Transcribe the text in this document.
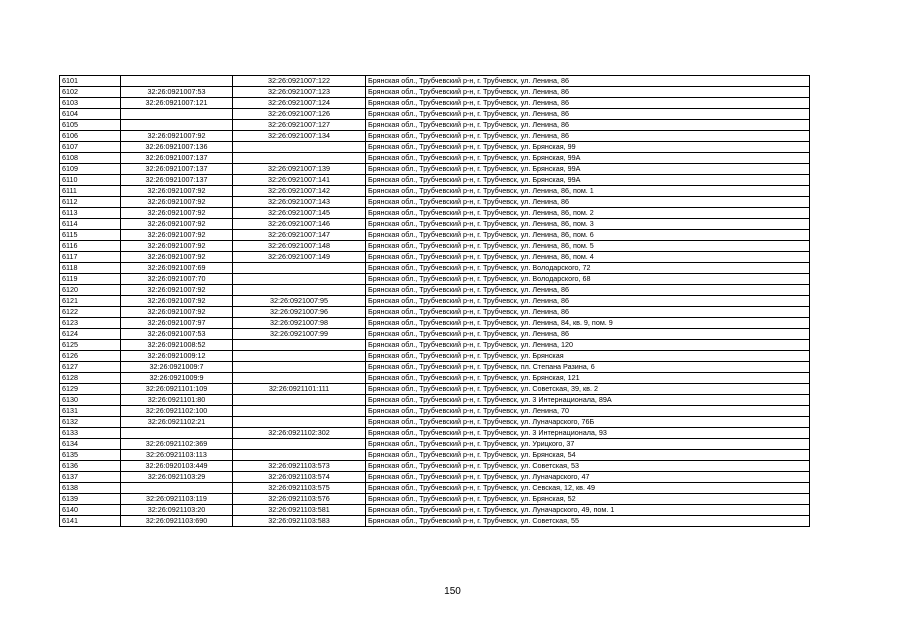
6101		32:26:0921007:122	Брянская обл., Трубчевский р-н, г. Трубчевск, ул. Ленина, 86
6102	32:26:0921007:53	32:26:0921007:123	Брянская обл., Трубчевский р-н, г. Трубчевск, ул. Ленина, 86
6103	32:26:0921007:121	32:26:0921007:124	Брянская обл., Трубчевский р-н, г. Трубчевск, ул. Ленина, 86
6104		32:26:0921007:126	Брянская обл., Трубчевский р-н, г. Трубчевск, ул. Ленина, 86
6105		32:26:0921007:127	Брянская обл., Трубчевский р-н, г. Трубчевск, ул. Ленина, 86
6106	32:26:0921007:92	32:26:0921007:134	Брянская обл., Трубчевский р-н, г. Трубчевск, ул. Ленина, 86
6107	32:26:0921007:136		Брянская обл., Трубчевский р-н, г. Трубчевск, ул. Брянская, 99
6108	32:26:0921007:137		Брянская обл., Трубчевский р-н, г. Трубчевск, ул. Брянская, 99А
6109	32:26:0921007:137	32:26:0921007:139	Брянская обл., Трубчевский р-н, г. Трубчевск, ул. Брянская, 99А
6110	32:26:0921007:137	32:26:0921007:141	Брянская обл., Трубчевский р-н, г. Трубчевск, ул. Брянская, 99А
6111	32:26:0921007:92	32:26:0921007:142	Брянская обл., Трубчевский р-н, г. Трубчевск, ул. Ленина, 86, пом. 1
6112	32:26:0921007:92	32:26:0921007:143	Брянская обл., Трубчевский р-н, г. Трубчевск, ул. Ленина, 86
6113	32:26:0921007:92	32:26:0921007:145	Брянская обл., Трубчевский р-н, г. Трубчевск, ул. Ленина, 86, пом. 2
6114	32:26:0921007:92	32:26:0921007:146	Брянская обл., Трубчевский р-н, г. Трубчевск, ул. Ленина, 86, пом. 3
6115	32:26:0921007:92	32:26:0921007:147	Брянская обл., Трубчевский р-н, г. Трубчевск, ул. Ленина, 86, пом. 6
6116	32:26:0921007:92	32:26:0921007:148	Брянская обл., Трубчевский р-н, г. Трубчевск, ул. Ленина, 86, пом. 5
6117	32:26:0921007:92	32:26:0921007:149	Брянская обл., Трубчевский р-н, г. Трубчевск, ул. Ленина, 86, пом. 4
6118	32:26:0921007:69		Брянская обл., Трубчевский р-н, г. Трубчевск, ул. Володарского, 72
6119	32:26:0921007:70		Брянская обл., Трубчевский р-н, г. Трубчевск, ул. Володарского, 68
6120	32:26:0921007:92		Брянская обл., Трубчевский р-н, г. Трубчевск, ул. Ленина, 86
6121	32:26:0921007:92	32:26:0921007:95	Брянская обл., Трубчевский р-н, г. Трубчевск, ул. Ленина, 86
6122	32:26:0921007:92	32:26:0921007:96	Брянская обл., Трубчевский р-н, г. Трубчевск, ул. Ленина, 86
6123	32:26:0921007:97	32:26:0921007:98	Брянская обл., Трубчевский р-н, г. Трубчевск, ул. Ленина, 84, кв. 9, пом. 9
6124	32:26:0921007:53	32:26:0921007:99	Брянская обл., Трубчевский р-н, г. Трубчевск, ул. Ленина, 86
6125	32:26:0921008:52		Брянская обл., Трубчевский р-н, г. Трубчевск, ул. Ленина, 120
6126	32:26:0921009:12		Брянская обл., Трубчевский р-н, г. Трубчевск, ул. Брянская
6127	32:26:0921009:7		Брянская обл., Трубчевский р-н, г. Трубчевск, пл. Степана Разина, 6
6128	32:26:0921009:9		Брянская обл., Трубчевский р-н, г. Трубчевск, ул. Брянская, 121
6129	32:26:0921101:109	32:26:0921101:111	Брянская обл., Трубчевский р-н, г. Трубчевск, ул. Советская, 39, кв. 2
6130	32:26:0921101:80		Брянская обл., Трубчевский р-н, г. Трубчевск, ул. 3 Интернационала, 89А
6131	32:26:0921102:100		Брянская обл., Трубчевский р-н, г. Трубчевск, ул. Ленина, 70
6132	32:26:0921102:21		Брянская обл., Трубчевский р-н, г. Трубчевск, ул. Луначарского, 76Б
6133		32:26:0921102:302	Брянская обл., Трубчевский р-н, г. Трубчевск, ул. 3 Интернационала, 93
6134	32:26:0921102:369		Брянская обл., Трубчевский р-н, г. Трубчевск, ул. Урицкого, 37
6135	32:26:0921103:113		Брянская обл., Трубчевский р-н, г. Трубчевск, ул. Брянская, 54
6136	32:26:0920103:449	32:26:0921103:573	Брянская обл., Трубчевский р-н, г. Трубчевск, ул. Советская, 53
6137	32:26:0921103:29	32:26:0921103:574	Брянская обл., Трубчевский р-н, г. Трубчевск, ул. Луначарского, 47
6138		32:26:0921103:575	Брянская обл., Трубчевский р-н, г. Трубчевск, ул. Севская, 12, кв. 49
6139	32:26:0921103:119	32:26:0921103:576	Брянская обл., Трубчевский р-н, г. Трубчевск, ул. Брянская, 52
6140	32:26:0921103:20	32:26:0921103:581	Брянская обл., Трубчевский р-н, г. Трубчевск, ул. Луначарского, 49, пом. 1
6141	32:26:0921103:690	32:26:0921103:583	Брянская обл., Трубчевский р-н, г. Трубчевск, ул. Советская, 55
150
